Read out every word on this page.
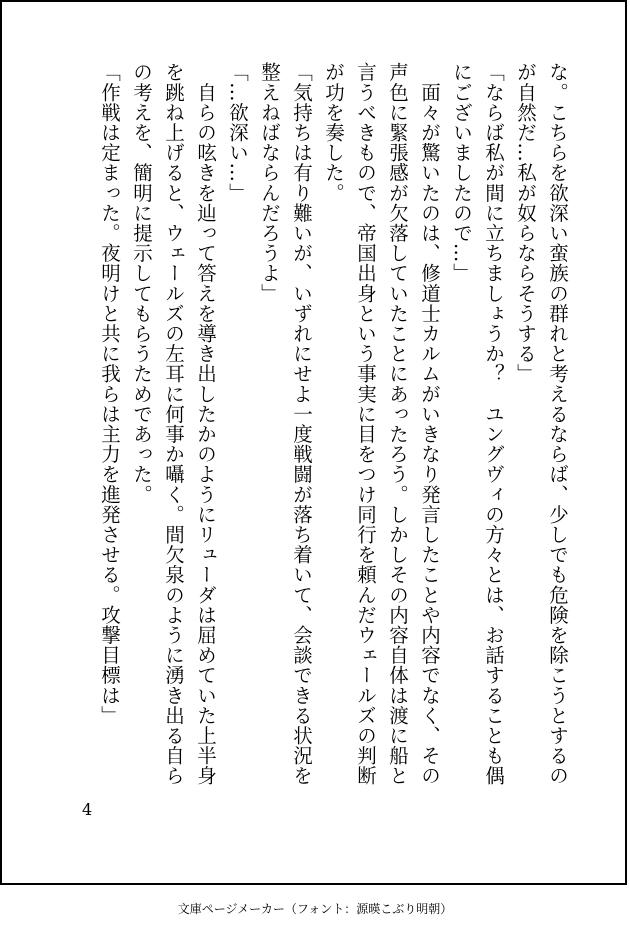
な。こちらを欲深い蛮族の群れと考えるならば、少しでも危険を除こうとするの
が自然だ…私が奴らならそうする」
「ならば私が間に立ちましょうか？　ユングヴィの方々とは、お話することも偶
にございましたので…」
　面々が驚いたのは、修道士カルムがいきなり発言したことや内容でなく、その
声色に緊張感が欠落していたことにあったろう。しかしその内容自体は渡に船と
言うべきもので、帝国出身という事実に目をつけ同行を頼んだウェールズの判断
が功を奏した。
「気持ちは有り難いが、いずれにせよ一度戦闘が落ち着いて、会談できる状況を
整えねばならんだろうよ」
「…欲深い…」
　自らの呟きを辿って答えを導き出したかのようにリューダは屈めていた上半身
を跳ね上げると、ウェールズの左耳に何事か囁く。間欠泉のように湧き出る自ら
の考えを、簡明に提示してもらうためであった。
「作戦は定まった。夜明けと共に我らは主力を進発させる。攻撃目標は」
4
文庫ページメーカー（フォント：源暎こぶり明朝）
